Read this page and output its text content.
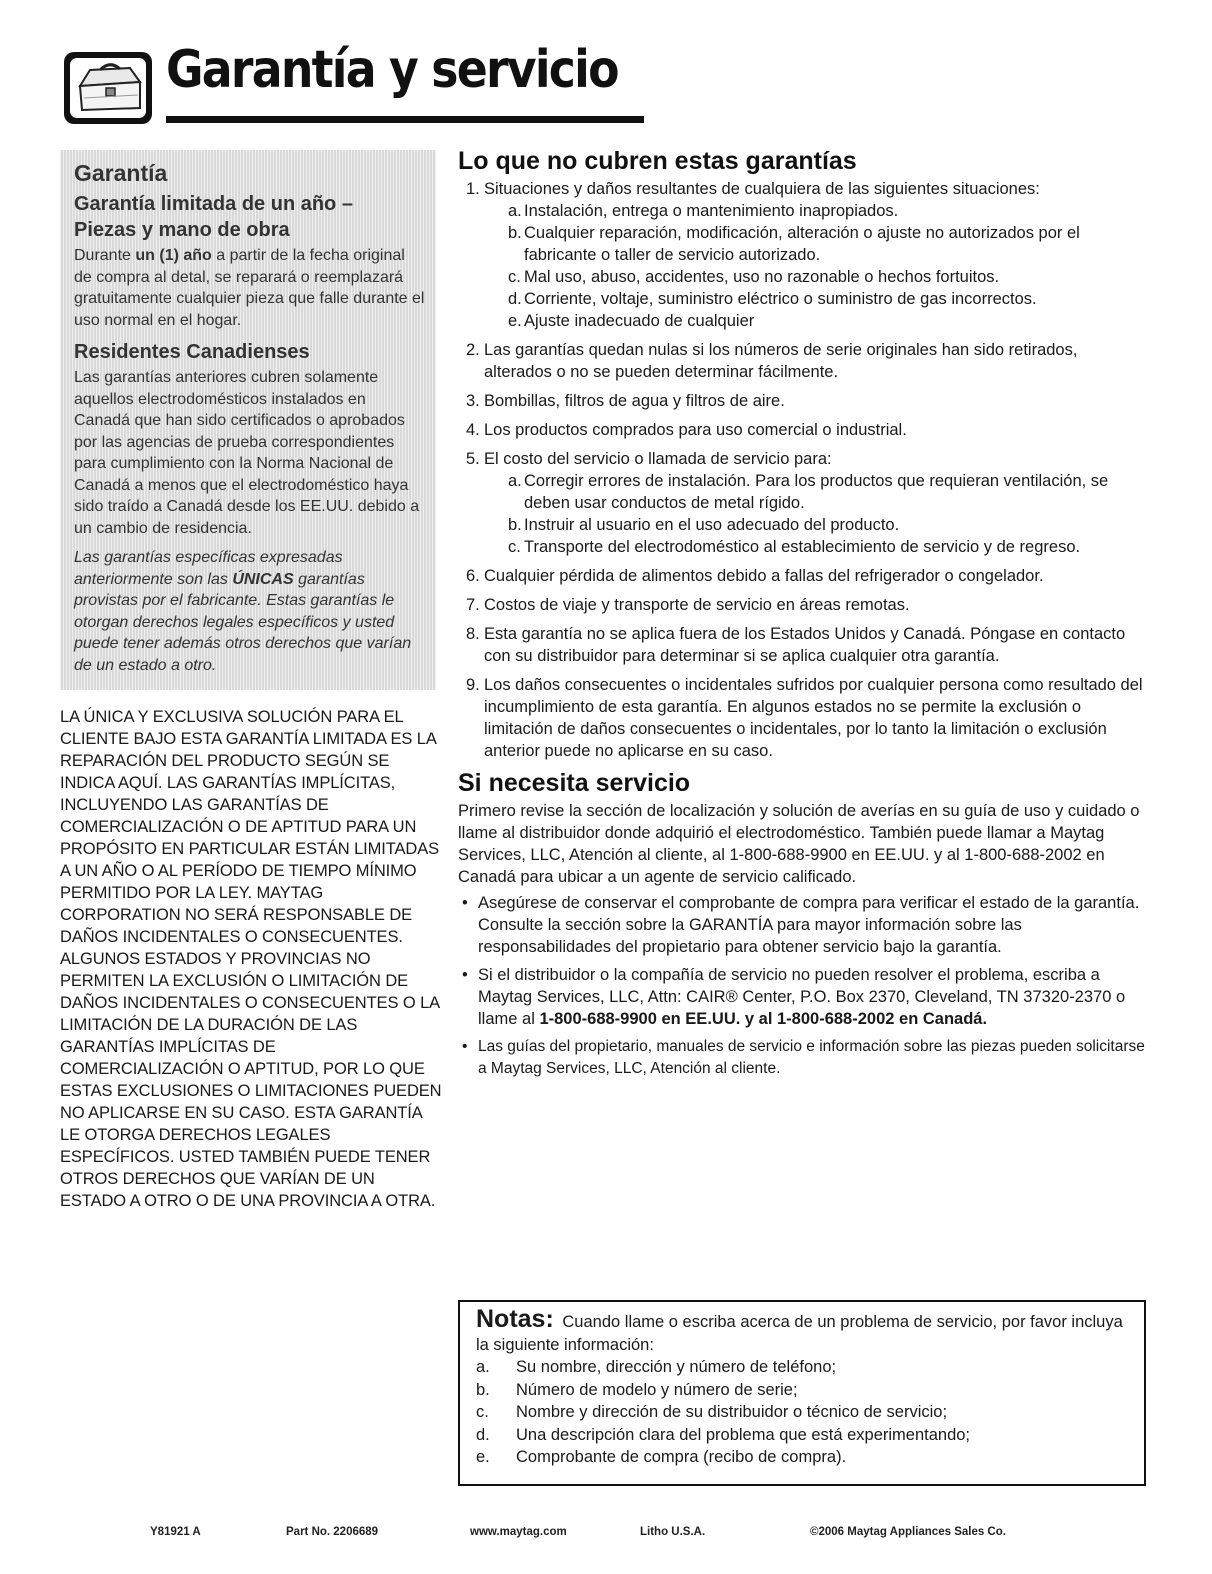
Garantía y servicio
Garantía
Garantía limitada de un año –
Piezas y mano de obra
Durante un (1) año a partir de la fecha original de compra al detal, se reparará o reemplazará gratuitamente cualquier pieza que falle durante el uso normal en el hogar.
Residentes Canadienses
Las garantías anteriores cubren solamente aquellos electrodomésticos instalados en Canadá que han sido certificados o aprobados por las agencias de prueba correspondientes para cumplimiento con la Norma Nacional de Canadá a menos que el electrodoméstico haya sido traído a Canadá desde los EE.UU. debido a un cambio de residencia.
Las garantías específicas expresadas anteriormente son las ÚNICAS garantías provistas por el fabricante. Estas garantías le otorgan derechos legales específicos y usted puede tener además otros derechos que varían de un estado a otro.
LA ÚNICA Y EXCLUSIVA SOLUCIÓN PARA EL CLIENTE BAJO ESTA GARANTÍA LIMITADA ES LA REPARACIÓN DEL PRODUCTO SEGÚN SE INDICA AQUÍ. LAS GARANTÍAS IMPLÍCITAS, INCLUYENDO LAS GARANTÍAS DE COMERCIALIZACIÓN O DE APTITUD PARA UN PROPÓSITO EN PARTICULAR ESTÁN LIMITADAS A UN AÑO O AL PERÍODO DE TIEMPO MÍNIMO PERMITIDO POR LA LEY. MAYTAG CORPORATION NO SERÁ RESPONSABLE DE DAÑOS INCIDENTALES O CONSECUENTES. ALGUNOS ESTADOS Y PROVINCIAS NO PERMITEN LA EXCLUSIÓN O LIMITACIÓN DE DAÑOS INCIDENTALES O CONSECUENTES O LA LIMITACIÓN DE LA DURACIÓN DE LAS GARANTÍAS IMPLÍCITAS DE COMERCIALIZACIÓN O APTITUD, POR LO QUE ESTAS EXCLUSIONES O LIMITACIONES PUEDEN NO APLICARSE EN SU CASO. ESTA GARANTÍA LE OTORGA DERECHOS LEGALES ESPECÍFICOS. USTED TAMBIÉN PUEDE TENER OTROS DERECHOS QUE VARÍAN DE UN ESTADO A OTRO O DE UNA PROVINCIA A OTRA.
Lo que no cubren estas garantías
1. Situaciones y daños resultantes de cualquiera de las siguientes situaciones:
a. Instalación, entrega o mantenimiento inapropiados.
b. Cualquier reparación, modificación, alteración o ajuste no autorizados por el fabricante o taller de servicio autorizado.
c. Mal uso, abuso, accidentes, uso no razonable o hechos fortuitos.
d. Corriente, voltaje, suministro eléctrico o suministro de gas incorrectos.
e. Ajuste inadecuado de cualquier
2. Las garantías quedan nulas si los números de serie originales han sido retirados, alterados o no se pueden determinar fácilmente.
3. Bombillas, filtros de agua y filtros de aire.
4. Los productos comprados para uso comercial o industrial.
5. El costo del servicio o llamada de servicio para:
a. Corregir errores de instalación. Para los productos que requieran ventilación, se deben usar conductos de metal rígido.
b. Instruir al usuario en el uso adecuado del producto.
c. Transporte del electrodoméstico al establecimiento de servicio y de regreso.
6. Cualquier pérdida de alimentos debido a fallas del refrigerador o congelador.
7. Costos de viaje y transporte de servicio en áreas remotas.
8. Esta garantía no se aplica fuera de los Estados Unidos y Canadá. Póngase en contacto con su distribuidor para determinar si se aplica cualquier otra garantía.
9. Los daños consecuentes o incidentales sufridos por cualquier persona como resultado del incumplimiento de esta garantía. En algunos estados no se permite la exclusión o limitación de daños consecuentes o incidentales, por lo tanto la limitación o exclusión anterior puede no aplicarse en su caso.
Si necesita servicio
Primero revise la sección de localización y solución de averías en su guía de uso y cuidado o llame al distribuidor donde adquirió el electrodoméstico. También puede llamar a Maytag Services, LLC, Atención al cliente, al 1-800-688-9900 en EE.UU. y al 1-800-688-2002 en Canadá para ubicar a un agente de servicio calificado.
• Asegúrese de conservar el comprobante de compra para verificar el estado de la garantía. Consulte la sección sobre la GARANTÍA para mayor información sobre las responsabilidades del propietario para obtener servicio bajo la garantía.
• Si el distribuidor o la compañía de servicio no pueden resolver el problema, escriba a Maytag Services, LLC, Attn: CAIR® Center, P.O. Box 2370, Cleveland, TN 37320-2370 o llame al 1-800-688-9900 en EE.UU. y al 1-800-688-2002 en Canadá.
• Las guías del propietario, manuales de servicio e información sobre las piezas pueden solicitarse a Maytag Services, LLC, Atención al cliente.
Notas: Cuando llame o escriba acerca de un problema de servicio, por favor incluya la siguiente información:
a. Su nombre, dirección y número de teléfono;
b. Número de modelo y número de serie;
c. Nombre y dirección de su distribuidor o técnico de servicio;
d. Una descripción clara del problema que está experimentando;
e. Comprobante de compra (recibo de compra).
Y81921 A	Part No. 2206689	www.maytag.com	Litho U.S.A.	©2006 Maytag Appliances Sales Co.
